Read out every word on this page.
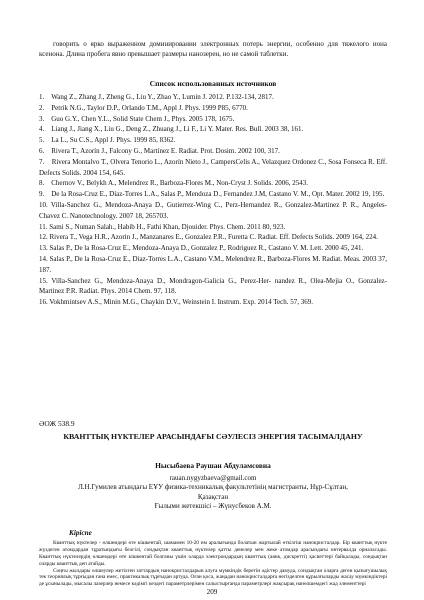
говорить о ярко выраженном доминировании электронных потерь энергии, особенно для тяжелого иона ксенона. Длина пробега явно превышает размеры нанозерен, но не самой таблетки.

Список использованных источников

1.    Wang Z., Zhang J., Zheng G., Liu Y., Zhao Y., Lumin J. 2012. P.132-134, 2817.

2.    Petrik N.G., Taylor D.P., Orlando T.M., Appl J. Phys. 1999 P85, 6770.

3.    Guo G.Y., Chen Y.L., Solid State Chem J., Phys. 2005 178, 1675.

4.    Liang J., Jiang X., Liu G., Deng Z., Zhuang J., Li F., Li Y. Mater. Res. Bull. 2003 38, 161.

5.    La L., Su C.S., Appl J. Phys. 1999 85, 8362.

6.    Rivera T., Azorín J., Falcony G., Martínez E. Radiat. Prot. Dosim. 2002 100, 317.

7.    Rivera Montalvo T., Olvera Tenorio L., Azorín Nieto J., CampersCelis A., Velazquez Ordonez C., Sosa Fonseca R. Eff. Defects Solids. 2004 154, 645.

8.    Chernov V., Belykh A., Melendrez R., Barboza-Flores M., Non-Cryst J. Solids. 2006, 2543.

9.    De la Rosa-Cruz E., Díaz-Torres L.A., Salas P., Mendoza D., Fernandez J.M, Castano V. M., Opt. Mater. 2002 19, 195.

10. Villa-Sanchez G., Mendoza-Anaya D., Gutierrez-Wing C., Perz-Hernandez R., Gonzalez-Martinez P. R., Angeles-Chavez C. Nanotechnology. 2007 18, 265703.

11. Sami S., Numan Salah., Habib H., Fathi Khan, Djouider. Phys. Chem. 2011 80, 923.

12. Rivera T., Vega H.R., Azorin J., Manzanares E., Gonzalez P.R., Furetta C. Radiat. Eff. Defects Solids. 2009 164, 224.

13. Salas P., De la Rosa-Cruz E., Mendoza-Anaya D., Gonzalez P., Rodriguez R., Castano V. M. Lett. 2000 45, 241.

14. Salas P., De la Rosa-Cruz E., Diaz-Torres L.A., Castano V.M., Melendrez R., Barboza-Flores M. Radiat. Meas. 2003 37, 187.

15. Villa-Sanchez G., Mendoza-Anaya D., Mondragon-Galicia G., Perez-Her- nandez R., Olea-Mejia O., Gonzalez-Martinez P.R. Radiat. Phys. 2014 Chem. 97, 118.

16. Vokhmintsev A.S., Minin M.G., Chaykin D.V., Weinstein I. Instrum. Exp. 2014 Tech. 57, 369.

ӘОЖ 538.9
КВАНТТЫҚ НҮКТЕЛЕР АРАСЫНДАҒЫ СӘУЛЕСІЗ ЭНЕРГИЯ ТАСЫМАЛДАНУ
Нысыбаева Раушан Абдуламсовна

rauan.nygyzbaeva@gmail.com

Л.Н.Гумилев атындағы ЕҰУ физика-техникалық факультетінің магистранты, Нұр-Сұлтан,

Қазақстан

Ғылыми жетекшісі – Жүнусбеков А.М.

Кіріспе

Кванттық нүктелер - өлшемдері өте кішкентай, шамамен 10-20 нм аралығында болатын жартылай өткізгіш нанокристалдар. Бір кванттық нүкте жүздеген атомдардан тұратындығы белгілі, сондықтан кванттық нүктелер қатты денелер мен жеке атомдар арасындағы интервалда орналасады. Кванттық нүктелердің өлшемдері өте кішкентай болғаны үшін оларда электрондардың кванттық (аянк, дискретті) қасиеттері байқалады, сондықтан оларды кванттық деп атайды.

Соңғы жылдары өлшеулер жетілген заттардың нанокристалдарын алуға мүмкіндік беретін әдістер дамуда, сондықтан оларға деген қызығушылық тек теориялық тұрғыдан ғана емес, практикалық тұрғыдан артуда. Оған қоса, жаңадан нанокристалдарға негізделген құрылғыларды жасау мүмкіндіктері де ұсынылады, мысалы лазерлер немесе кәдімгі кездегі параметрлерімен салыстырғанда параметрлері жақсырақ нанөлшемдегі жад элементтері

209
